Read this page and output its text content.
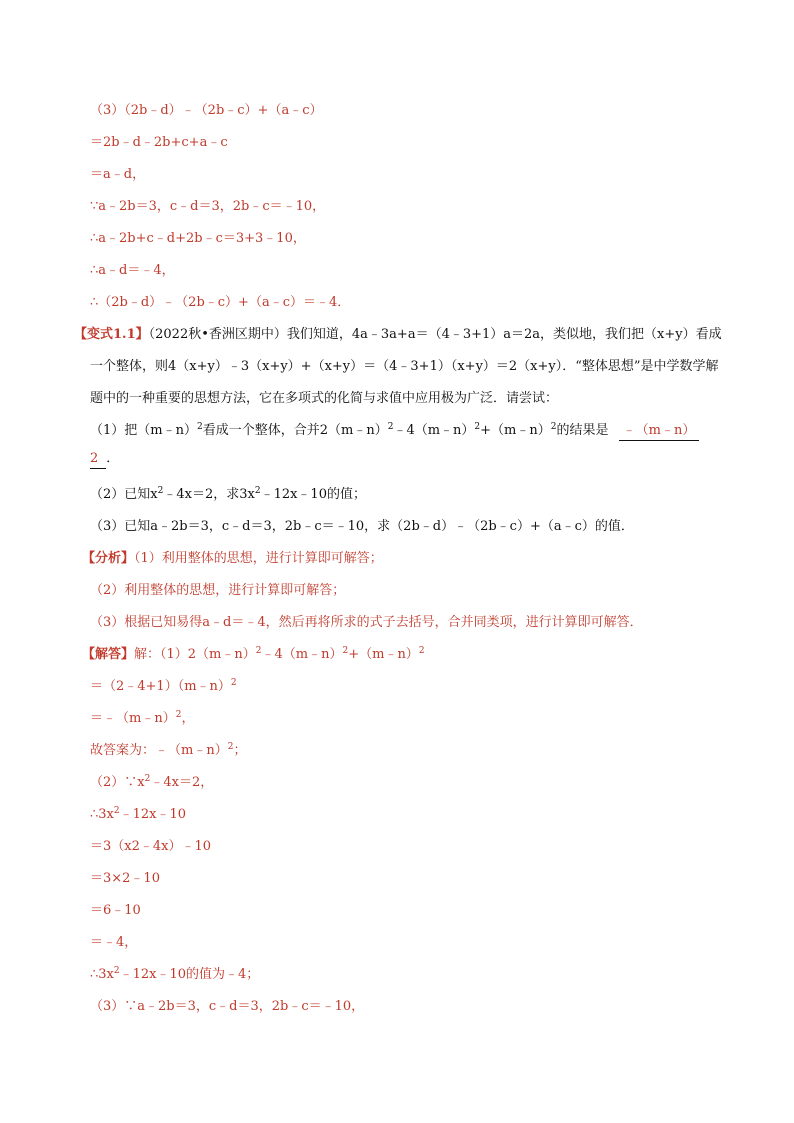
（3）（2b﹣d）﹣（2b﹣c）+（a﹣c）
＝2b﹣d﹣2b+c+a﹣c
＝a﹣d，
∵a﹣2b＝3，c﹣d＝3，2b﹣c＝﹣10，
∴a﹣2b+c﹣d+2b﹣c＝3+3﹣10，
∴a﹣d＝﹣4，
∴（2b﹣d）﹣（2b﹣c）+（a﹣c）＝﹣4．
【变式1.1】（2022秋•香洲区期中）我们知道，4a﹣3a+a＝（4﹣3+1）a＝2a，类似地，我们把（x+y）看成
一个整体，则4（x+y）﹣3（x+y）+（x+y）＝（4﹣3+1）（x+y）＝2（x+y）．“整体思想”是中学数学解
题中的一种重要的思想方法，它在多项式的化简与求值中应用极为广泛．请尝试：
（1）把（m﹣n）$^2$看成一个整体，合并2（m﹣n）$^2$﹣4（m﹣n）$^2$+（m﹣n）$^2$的结果是 ﹣（m﹣n）
2 ．
（2）已知$x^2﹣4x=2$，求$3x^2﹣12x﹣10$的值；
（3）已知a﹣2b＝3，c﹣d＝3，2b﹣c＝﹣10，求（2b﹣d）﹣（2b﹣c）+（a﹣c）的值．
【分析】（1）利用整体的思想，进行计算即可解答；
（2）利用整体的思想，进行计算即可解答；
（3）根据已知易得a﹣d＝﹣4，然后再将所求的式子去括号，合并同类项，进行计算即可解答．
【解答】解：（1）2（m﹣n）$^2$﹣4（m﹣n）$^2$+（m﹣n）$^2$
＝（2﹣4+1）（m﹣n）$^2$
＝﹣（m﹣n）$^2$，
故答案为：﹣（m﹣n）$^2$；
$(2)\because x^2﹣4x=2$，
$\therefore 3x^2﹣12x﹣10$
＝3（x2﹣4x）﹣10
＝3×2﹣10
＝6﹣10
＝﹣4，
$\therefore 3x^2﹣12x﹣10$的值为﹣4；
（3）∵a﹣2b＝3，c﹣d＝3，2b﹣c＝﹣10，
